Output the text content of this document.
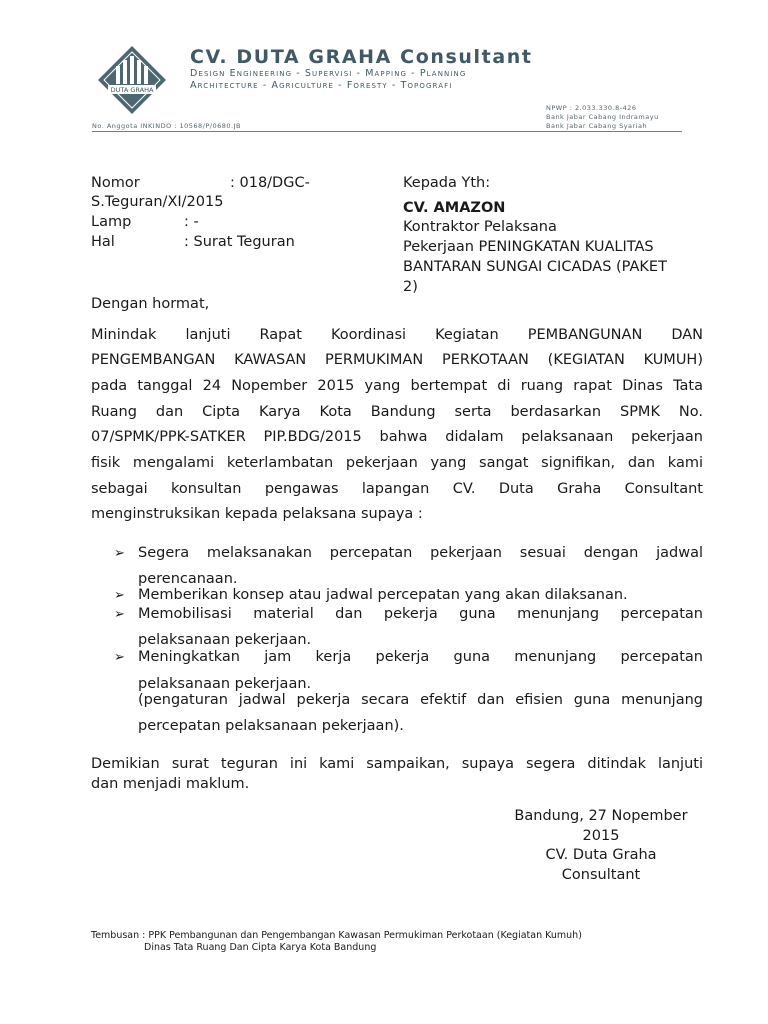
DUTA GRAHA
CV. DUTA GRAHA Consultant
Design Engineering - Supervisi - Mapping - Planning
Architecture - Agriculture - Foresty - Topografi
NPWP : 2.033.330.8-426
Bank Jabar Cabang Indramayu
Bank Jabar Cabang Syariah
No. Anggota INKINDO : 10568/P/0680.JB
Nomor	: 018/DGC-
S.Teguran/XI/2015
Lamp	: -
Hal	: Surat Teguran
Kepada Yth:
CV. AMAZON
Kontraktor Pelaksana
Pekerjaan PENINGKATAN KUALITAS
BANTARAN SUNGAI CICADAS (PAKET
2)
Dengan hormat,
Minindak lanjuti Rapat Koordinasi Kegiatan PEMBANGUNAN DAN
PENGEMBANGAN KAWASAN PERMUKIMAN PERKOTAAN (KEGIATAN KUMUH)
pada tanggal 24 Nopember 2015 yang bertempat di ruang rapat Dinas Tata
Ruang dan Cipta Karya Kota Bandung serta berdasarkan SPMK No.
07/SPMK/PPK-SATKER PIP.BDG/2015 bahwa didalam pelaksanaan pekerjaan
fisik mengalami keterlambatan pekerjaan yang sangat signifikan, dan kami
sebagai konsultan pengawas lapangan CV. Duta Graha Consultant
menginstruksikan kepada pelaksana supaya :
➢ Segera melaksanakan percepatan pekerjaan sesuai dengan jadwal
perencanaan.
➢ Memberikan konsep atau jadwal percepatan yang akan dilaksanan.
➢ Memobilisasi material dan pekerja guna menunjang percepatan
pelaksanaan pekerjaan.
➢ Meningkatkan jam kerja pekerja guna menunjang percepatan
pelaksanaan pekerjaan.
(pengaturan jadwal pekerja secara efektif dan efisien guna menunjang
percepatan pelaksanaan pekerjaan).
Demikian surat teguran ini kami sampaikan, supaya segera ditindak lanjuti
dan menjadi maklum.
Bandung, 27 Nopember
2015
CV. Duta Graha
Consultant
Tembusan : PPK Pembangunan dan Pengembangan Kawasan Permukiman Perkotaan (Kegiatan Kumuh)
Dinas Tata Ruang Dan Cipta Karya Kota Bandung
